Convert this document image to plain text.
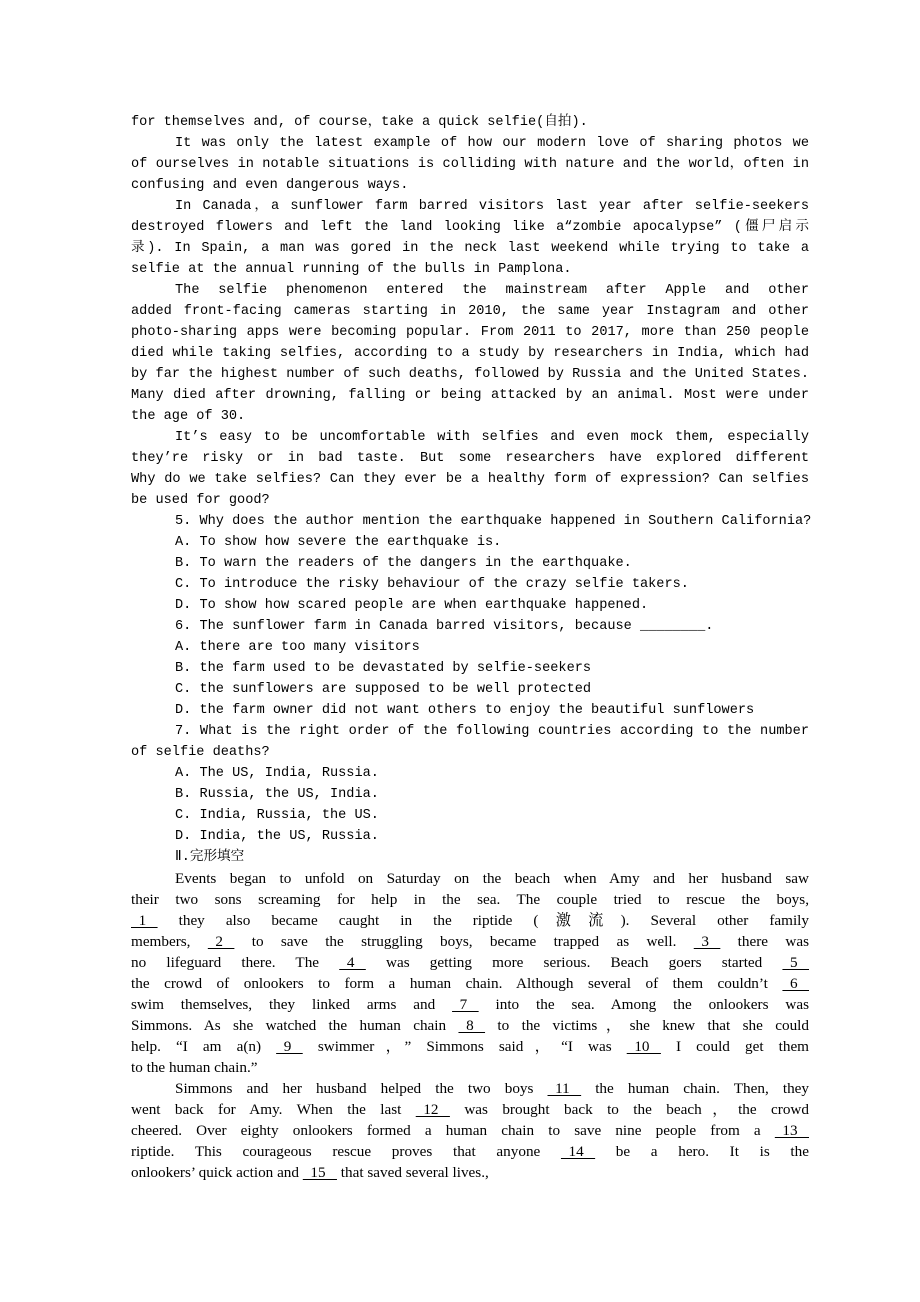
for themselves and, of course，take a quick selfie(自拍).
It was only the latest example of how our modern love of sharing photos we
of ourselves in notable situations is colliding with nature and the world，often in
confusing and even dangerous ways.
In Canada，a sunflower farm barred visitors last year after selfie-seekers
destroyed flowers and left the land looking like a“zombie apocalypse” (僵尸启示
录). In Spain, a man was gored in the neck last weekend while trying to take a
selfie at the annual running of the bulls in Pamplona.
The selfie phenomenon entered the mainstream after Apple and other
added front-facing cameras starting in 2010, the same year Instagram and other
photo-sharing apps were becoming popular. From 2011 to 2017, more than 250 people
died while taking selfies, according to a study by researchers in India, which had
by far the highest number of such deaths, followed by Russia and the United States.
Many died after drowning, falling or being attacked by an animal. Most were under
the age of 30.
It’s easy to be uncomfortable with selfies and even mock them, especially
they’re risky or in bad taste. But some researchers have explored different
Why do we take selfies? Can they ever be a healthy form of expression? Can selfies
be used for good?
5. Why does the author mention the earthquake happened in Southern California?
A. To show how severe the earthquake is.
B. To warn the readers of the dangers in the earthquake.
C. To introduce the risky behaviour of the crazy selfie takers.
D. To show how scared people are when earthquake happened.
6. The sunflower farm in Canada barred visitors, because ________.
A. there are too many visitors
B. the farm used to be devastated by selfie-seekers
C. the sunflowers are supposed to be well protected
D. the farm owner did not want others to enjoy the beautiful sunflowers
7. What is the right order of the following countries according to the number
of selfie deaths?
A. The US, India, Russia.
B. Russia, the US, India.
C. India, Russia, the US.
D. India, the US, Russia.
Ⅱ.完形填空
Events began to unfold on Saturday on the beach when Amy and her husband saw
their two sons screaming for help in the sea. The couple tried to rescue the boys,
1    they also became caught in the riptide (激流). Several other family
members,   2    to save the struggling boys, became trapped as well.   3    there was
no lifeguard there. The   4    was getting more serious. Beach goers started   5
the crowd of onlookers to form a human chain. Although several of them couldn’t   6
swim themselves, they linked arms and   7    into the sea. Among the onlookers was
Simmons. As she watched the human chain   8    to the victims，she knew that she could
help. “I am a(n)   9    swimmer，” Simmons said，“I was   10    I could get them
to the human chain.”
Simmons and her husband helped the two boys   11    the human chain. Then, they
went back for Amy. When the last   12    was brought back to the beach，the crowd
cheered. Over eighty onlookers formed a human chain to save nine people from a   13
riptide. This courageous rescue proves that anyone   14    be a hero. It is the
onlookers’ quick action and   15    that saved several lives.,
